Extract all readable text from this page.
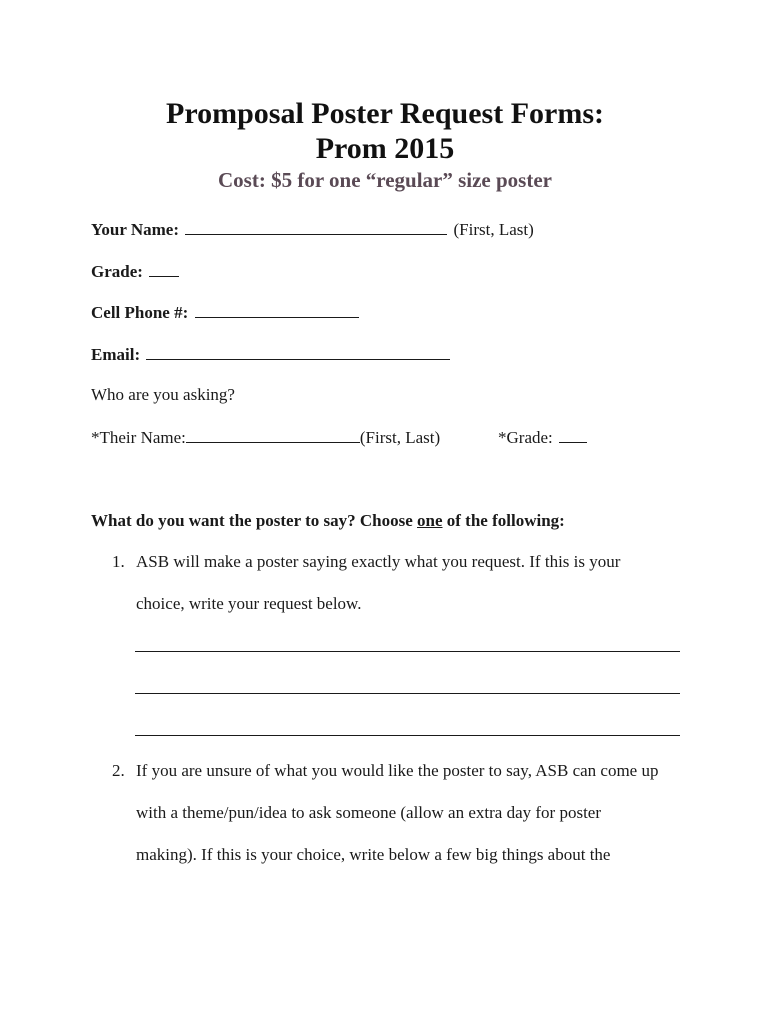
Promposal Poster Request Forms:
Prom 2015
Cost: $5 for one “regular” size poster
Your Name:	(First, Last)
Grade:
Cell Phone #:
Email:
Who are you asking?
*Their Name:	(First, Last)	*Grade:
What do you want the poster to say? Choose one of the following:
1. ASB will make a poster saying exactly what you request. If this is your
choice, write your request below.
2. If you are unsure of what you would like the poster to say, ASB can come up
with a theme/pun/idea to ask someone (allow an extra day for poster
making). If this is your choice, write below a few big things about the
